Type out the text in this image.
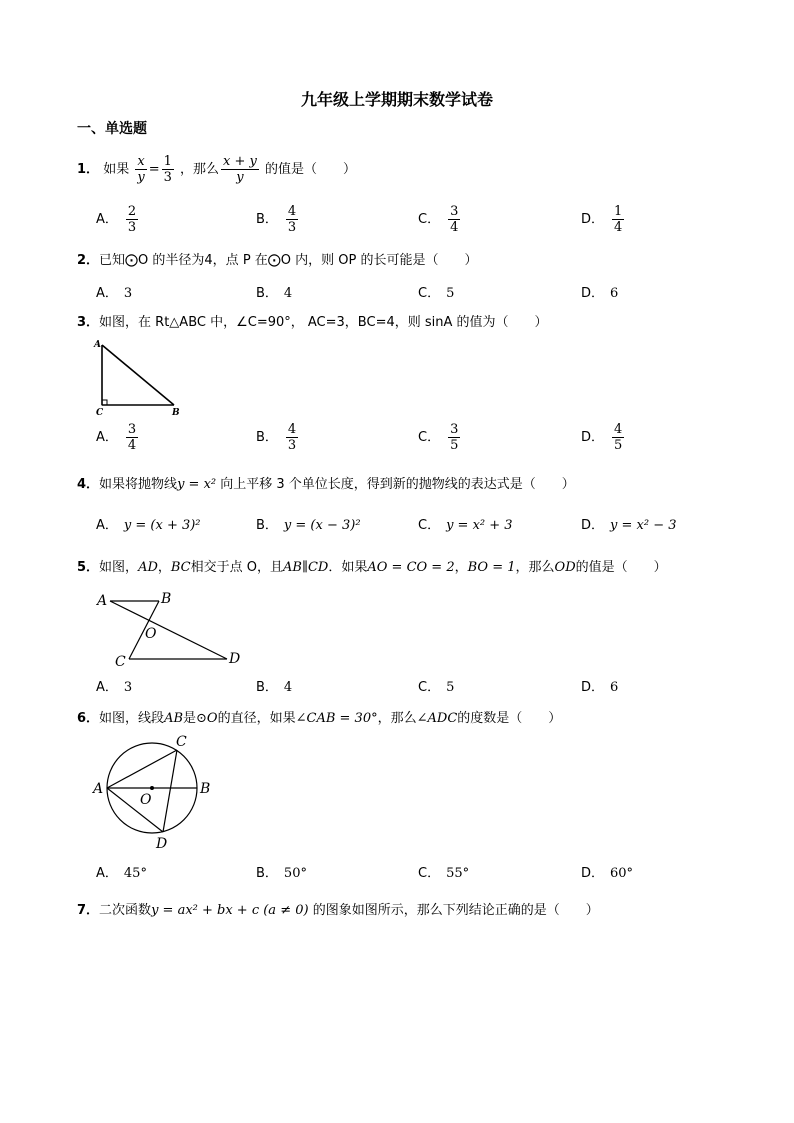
九年级上学期期末数学试卷
一、单选题
1． 如果 $\frac{x}{y} = \frac{1}{3}$ ，那么 $\frac{x + y}{y}$ 的值是（　　）
A． $\frac{2}{3}$	B． $\frac{4}{3}$	C． $\frac{3}{4}$	D． $\frac{1}{4}$
2．已知⨀O 的半径为4，点 P 在⨀O 内，则 OP 的长可能是（　　）
A． 3	B． 4	C． 5	D． 6
3．如图，在 Rt△ABC 中，∠C=90°， AC=3，BC=4，则 sinA 的值为（　　）
A
C	B
A． $\frac{3}{4}$	B． $\frac{4}{3}$	C． $\frac{3}{5}$	D． $\frac{4}{5}$
4．如果将抛物线y = x² 向上平移 3 个单位长度，得到新的抛物线的表达式是（　　）
A． y = (x + 3)²	B． y = (x − 3)²	C． y = x² + 3	D． y = x² − 3
5．如图，AD，BC相交于点 O，且AB∥CD．如果AO = CO = 2，BO = 1，那么OD的值是（　　）
A	B
O
C	D
A． 3	B． 4	C． 5	D． 6
6．如图，线段AB是⊙O的直径，如果∠CAB = 30°，那么∠ADC的度数是（　　）
A	B
C
D
O
A． 45°	B． 50°	C． 55°	D． 60°
7．二次函数y = ax² + bx + c (a ≠ 0) 的图象如图所示，那么下列结论正确的是（　　）
